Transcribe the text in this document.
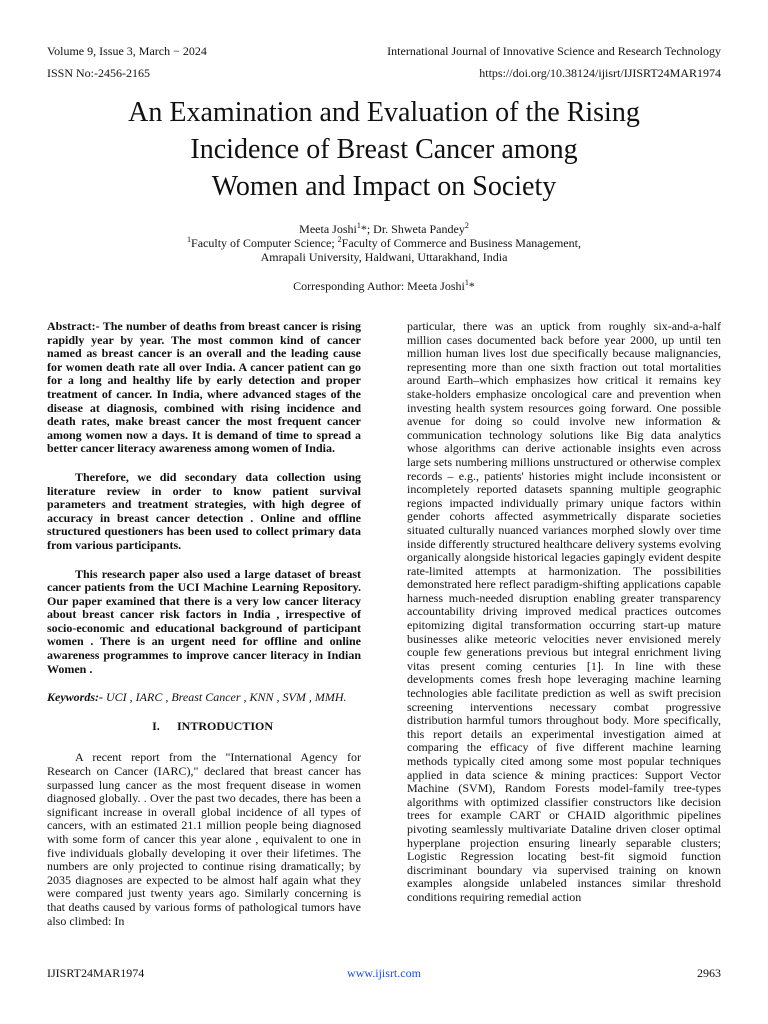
Volume 9, Issue 3, March − 2024	International Journal of Innovative Science and Research Technology
ISSN No:-2456-2165	https://doi.org/10.38124/ijisrt/IJISRT24MAR1974
An Examination and Evaluation of the Rising
Incidence of Breast Cancer among
Women and Impact on Society
Meeta Joshi$^1$*; Dr. Shweta Pandey$^2$
$^1$Faculty of Computer Science; $^2$Faculty of Commerce and Business Management,
Amrapali University, Haldwani, Uttarakhand, India
Corresponding Author: Meeta Joshi$^1$*

Abstract:- The number of deaths from breast cancer is rising rapidly year by year. The most common kind of cancer named as breast cancer is an overall and the leading cause for women death rate all over India. A cancer patient can go for a long and healthy life by early detection and proper treatment of cancer. In India, where advanced stages of the disease at diagnosis, combined with rising incidence and death rates, make breast cancer the most frequent cancer among women now a days. It is demand of time to spread a better cancer literacy awareness among women of India.

Therefore, we did secondary data collection using literature review in order to know patient survival parameters and treatment strategies, with high degree of accuracy in breast cancer detection . Online and offline structured questioners has been used to collect primary data from various participants.

This research paper also used a large dataset of breast cancer patients from the UCI Machine Learning Repository. Our paper examined that there is a very low cancer literacy about breast cancer risk factors in India , irrespective of socio-economic and educational background of participant women . There is an urgent need for offline and online awareness programmes to improve cancer literacy in Indian Women .

Keywords:- UCI , IARC , Breast Cancer , KNN , SVM , MMH.

I. INTRODUCTION

A recent report from the "International Agency for Research on Cancer (IARC)," declared that breast cancer has surpassed lung cancer as the most frequent disease in women diagnosed globally. . Over the past two decades, there has been a significant increase in overall global incidence of all types of cancers, with an estimated 21.1 million people being diagnosed with some form of cancer this year alone , equivalent to one in five individuals globally developing it over their lifetimes. The numbers are only projected to continue rising dramatically; by 2035 diagnoses are expected to be almost half again what they were compared just twenty years ago. Similarly concerning is that deaths caused by various forms of pathological tumors have also climbed: In

particular, there was an uptick from roughly six-and-a-half million cases documented back before year 2000, up until ten million human lives lost due specifically because malignancies, representing more than one sixth fraction out total mortalities around Earth–which emphasizes how critical it remains key stake-holders emphasize oncological care and prevention when investing health system resources going forward. One possible avenue for doing so could involve new information & communication technology solutions like Big data analytics whose algorithms can derive actionable insights even across large sets numbering millions unstructured or otherwise complex records – e.g., patients' histories might include inconsistent or incompletely reported datasets spanning multiple geographic regions impacted individually primary unique factors within gender cohorts affected asymmetrically disparate societies situated culturally nuanced variances morphed slowly over time inside differently structured healthcare delivery systems evolving organically alongside historical legacies gapingly evident despite rate-limited attempts at harmonization. The possibilities demonstrated here reflect paradigm-shifting applications capable harness much-needed disruption enabling greater transparency accountability driving improved medical practices outcomes epitomizing digital transformation occurring start-up mature businesses alike meteoric velocities never envisioned merely couple few generations previous but integral enrichment living vitas present coming centuries [1]. In line with these developments comes fresh hope leveraging machine learning technologies able facilitate prediction as well as swift precision screening interventions necessary combat progressive distribution harmful tumors throughout body. More specifically, this report details an experimental investigation aimed at comparing the efficacy of five different machine learning methods typically cited among some most popular techniques applied in data science & mining practices: Support Vector Machine (SVM), Random Forests model-family tree-types algorithms with optimized classifier constructors like decision trees for example CART or CHAID algorithmic pipelines pivoting seamlessly multivariate Dataline driven closer optimal hyperplane projection ensuring linearly separable clusters; Logistic Regression locating best-fit sigmoid function discriminant boundary via supervised training on known examples alongside unlabeled instances similar threshold conditions requiring remedial action

IJISRT24MAR1974	www.ijisrt.com	2963
